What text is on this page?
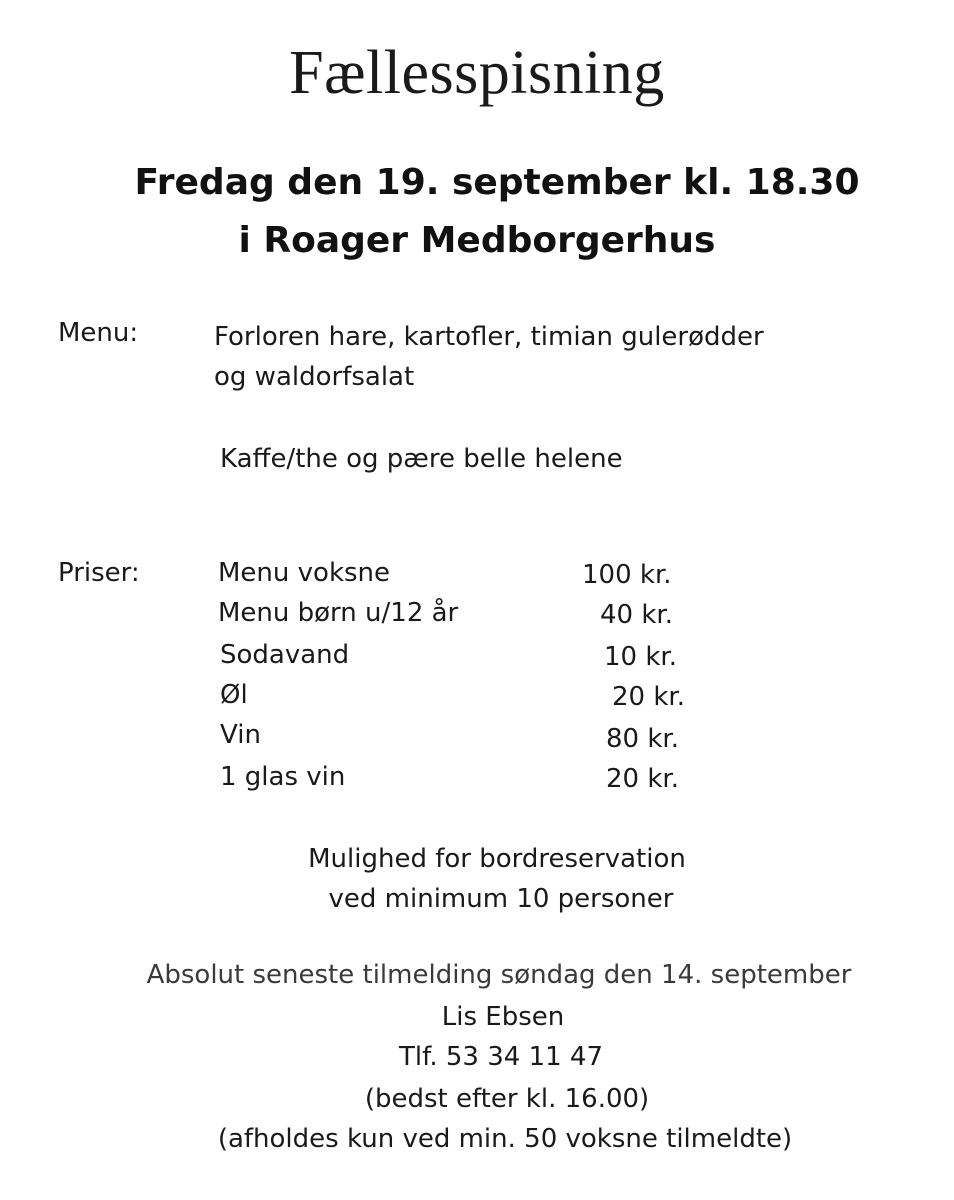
Fællesspisning
Fredag den 19. september kl. 18.30
i Roager Medborgerhus
Menu:	Forloren hare, kartofler, timian gulerødder
og waldorfsalat
Kaffe/the og pære belle helene
Priser:	Menu voksne	100 kr.
Menu børn u/12 år	40 kr.
Sodavand	10 kr.
Øl	20 kr.
Vin	80 kr.
1 glas vin	20 kr.
Mulighed for bordreservation
ved minimum 10 personer
Absolut seneste tilmelding søndag den 14. september
Lis Ebsen
Tlf. 53 34 11 47
(bedst efter kl. 16.00)
(afholdes kun ved min. 50 voksne tilmeldte)
